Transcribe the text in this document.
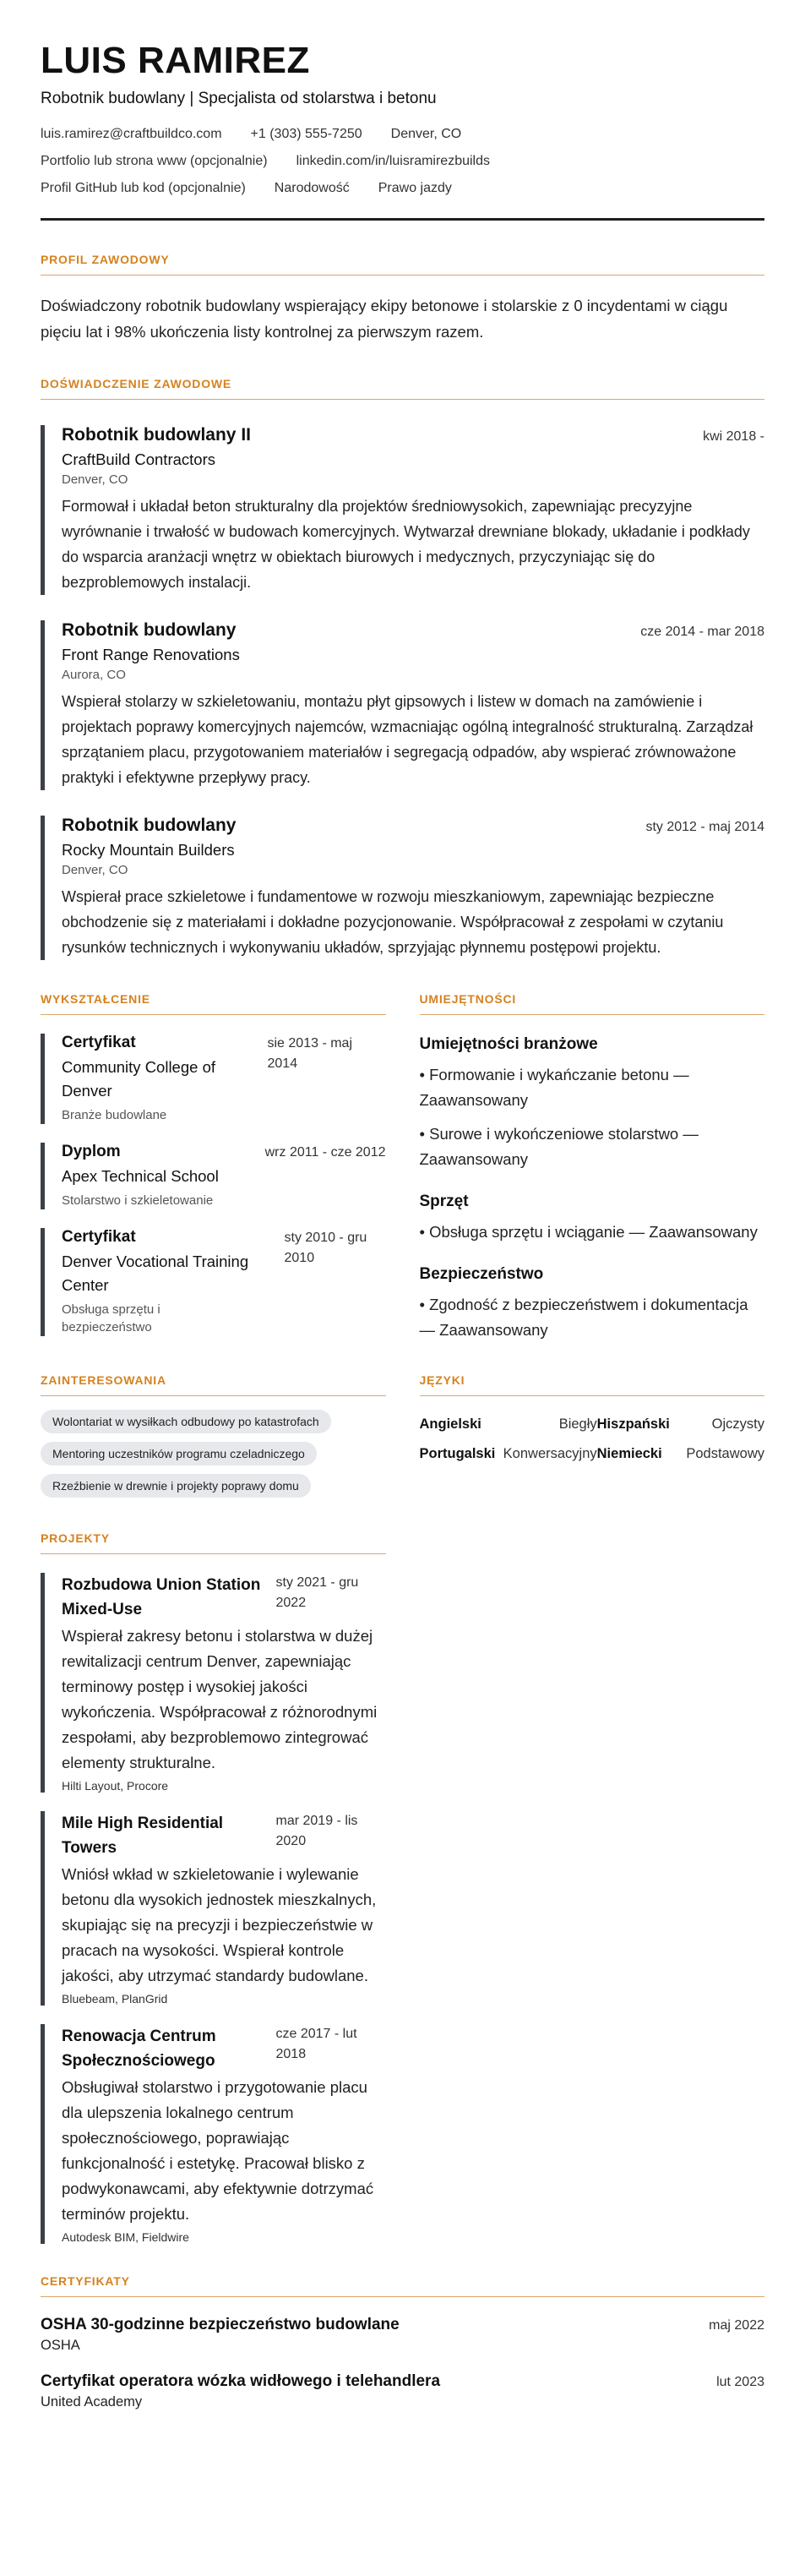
LUIS RAMIREZ
Robotnik budowlany | Specjalista od stolarstwa i betonu
luis.ramirez@craftbuildco.com +1 (303) 555-7250 Denver, CO
Portfolio lub strona www (opcjonalnie) linkedin.com/in/luisramirezbuilds
Profil GitHub lub kod (opcjonalnie) Narodowość Prawo jazdy
PROFIL ZAWODOWY
Doświadczony robotnik budowlany wspierający ekipy betonowe i stolarskie z 0 incydentami w ciągu pięciu lat i 98% ukończenia listy kontrolnej za pierwszym razem.
DOŚWIADCZENIE ZAWODOWE
Robotnik budowlany II	kwi 2018 -
CraftBuild Contractors
Denver, CO
Formował i układał beton strukturalny dla projektów średniowysokich, zapewniając precyzyjne wyrównanie i trwałość w budowach komercyjnych. Wytwarzał drewniane blokady, układanie i podkłady do wsparcia aranżacji wnętrz w obiektach biurowych i medycznych, przyczyniając się do bezproblemowych instalacji.
Robotnik budowlany	cze 2014 - mar 2018
Front Range Renovations
Aurora, CO
Wspierał stolarzy w szkieletowaniu, montażu płyt gipsowych i listew w domach na zamówienie i projektach poprawy komercyjnych najemców, wzmacniając ogólną integralność strukturalną. Zarządzał sprzątaniem placu, przygotowaniem materiałów i segregacją odpadów, aby wspierać zrównoważone praktyki i efektywne przepływy pracy.
Robotnik budowlany	sty 2012 - maj 2014
Rocky Mountain Builders
Denver, CO
Wspierał prace szkieletowe i fundamentowe w rozwoju mieszkaniowym, zapewniając bezpieczne obchodzenie się z materiałami i dokładne pozycjonowanie. Współpracował z zespołami w czytaniu rysunków technicznych i wykonywaniu układów, sprzyjając płynnemu postępowi projektu.
WYKSZTAŁCENIE
Certyfikat
Community College of Denver
Branże budowlane
sie 2013 - maj 2014
Dyplom
Apex Technical School
Stolarstwo i szkieletowanie
wrz 2011 - cze 2012
Certyfikat
Denver Vocational Training Center
Obsługa sprzętu i bezpieczeństwo
sty 2010 - gru 2010
UMIEJĘTNOŚCI
Umiejętności branżowe
• Formowanie i wykańczanie betonu — Zaawansowany
• Surowe i wykończeniowe stolarstwo — Zaawansowany
Sprzęt
• Obsługa sprzętu i wciąganie — Zaawansowany
Bezpieczeństwo
• Zgodność z bezpieczeństwem i dokumentacja — Zaawansowany
ZAINTERESOWANIA
Wolontariat w wysiłkach odbudowy po katastrofach
Mentoring uczestników programu czeladniczego
Rzeźbienie w drewnie i projekty poprawy domu
JĘZYKI
Angielski	Biegły Hiszpański	Ojczysty
Portugalski Konwersacyjny Niemiecki	Podstawowy
PROJEKTY
Rozbudowa Union Station Mixed-Use
sty 2021 - gru 2022
Wspierał zakresy betonu i stolarstwa w dużej rewitalizacji centrum Denver, zapewniając terminowy postęp i wysokiej jakości wykończenia. Współpracował z różnorodnymi zespołami, aby bezproblemowo zintegrować elementy strukturalne.
Hilti Layout, Procore
Mile High Residential Towers
mar 2019 - lis 2020
Wniósł wkład w szkieletowanie i wylewanie betonu dla wysokich jednostek mieszkalnych, skupiając się na precyzji i bezpieczeństwie w pracach na wysokości. Wspierał kontrole jakości, aby utrzymać standardy budowlane.
Bluebeam, PlanGrid
Renowacja Centrum Społecznościowego
cze 2017 - lut 2018
Obsługiwał stolarstwo i przygotowanie placu dla ulepszenia lokalnego centrum społecznościowego, poprawiając funkcjonalność i estetykę. Pracował blisko z podwykonawcami, aby efektywnie dotrzymać terminów projektu.
Autodesk BIM, Fieldwire
CERTYFIKATY
OSHA 30-godzinne bezpieczeństwo budowlane	maj 2022
OSHA
Certyfikat operatora wózka widłowego i telehandlera	lut 2023
United Academy
